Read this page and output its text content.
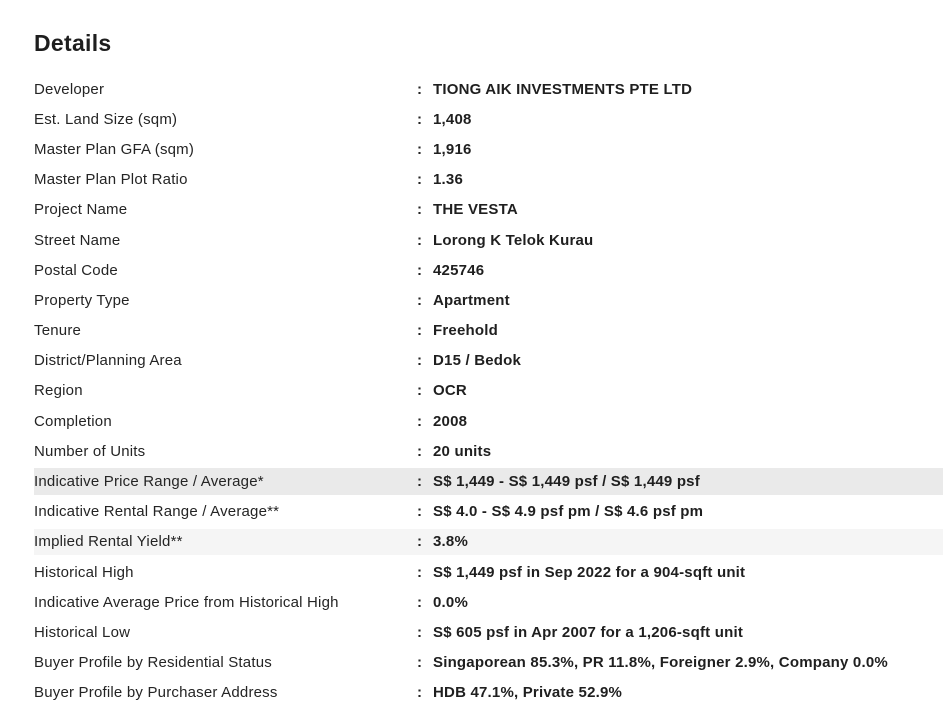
Details
Developer	: TIONG AIK INVESTMENTS PTE LTD
Est. Land Size (sqm)	: 1,408
Master Plan GFA (sqm)	: 1,916
Master Plan Plot Ratio	: 1.36
Project Name	: THE VESTA
Street Name	: Lorong K Telok Kurau
Postal Code	: 425746
Property Type	: Apartment
Tenure	: Freehold
District/Planning Area	: D15 / Bedok
Region	: OCR
Completion	: 2008
Number of Units	: 20 units
Indicative Price Range / Average*	: S$ 1,449 - S$ 1,449 psf / S$ 1,449 psf
Indicative Rental Range / Average**	: S$ 4.0 - S$ 4.9 psf pm / S$ 4.6 psf pm
Implied Rental Yield**	: 3.8%
Historical High	: S$ 1,449 psf in Sep 2022 for a 904-sqft unit
Indicative Average Price from Historical High	: 0.0%
Historical Low	: S$ 605 psf in Apr 2007 for a 1,206-sqft unit
Buyer Profile by Residential Status	: Singaporean 85.3%, PR 11.8%, Foreigner 2.9%, Company 0.0%
Buyer Profile by Purchaser Address	: HDB 47.1%, Private 52.9%
